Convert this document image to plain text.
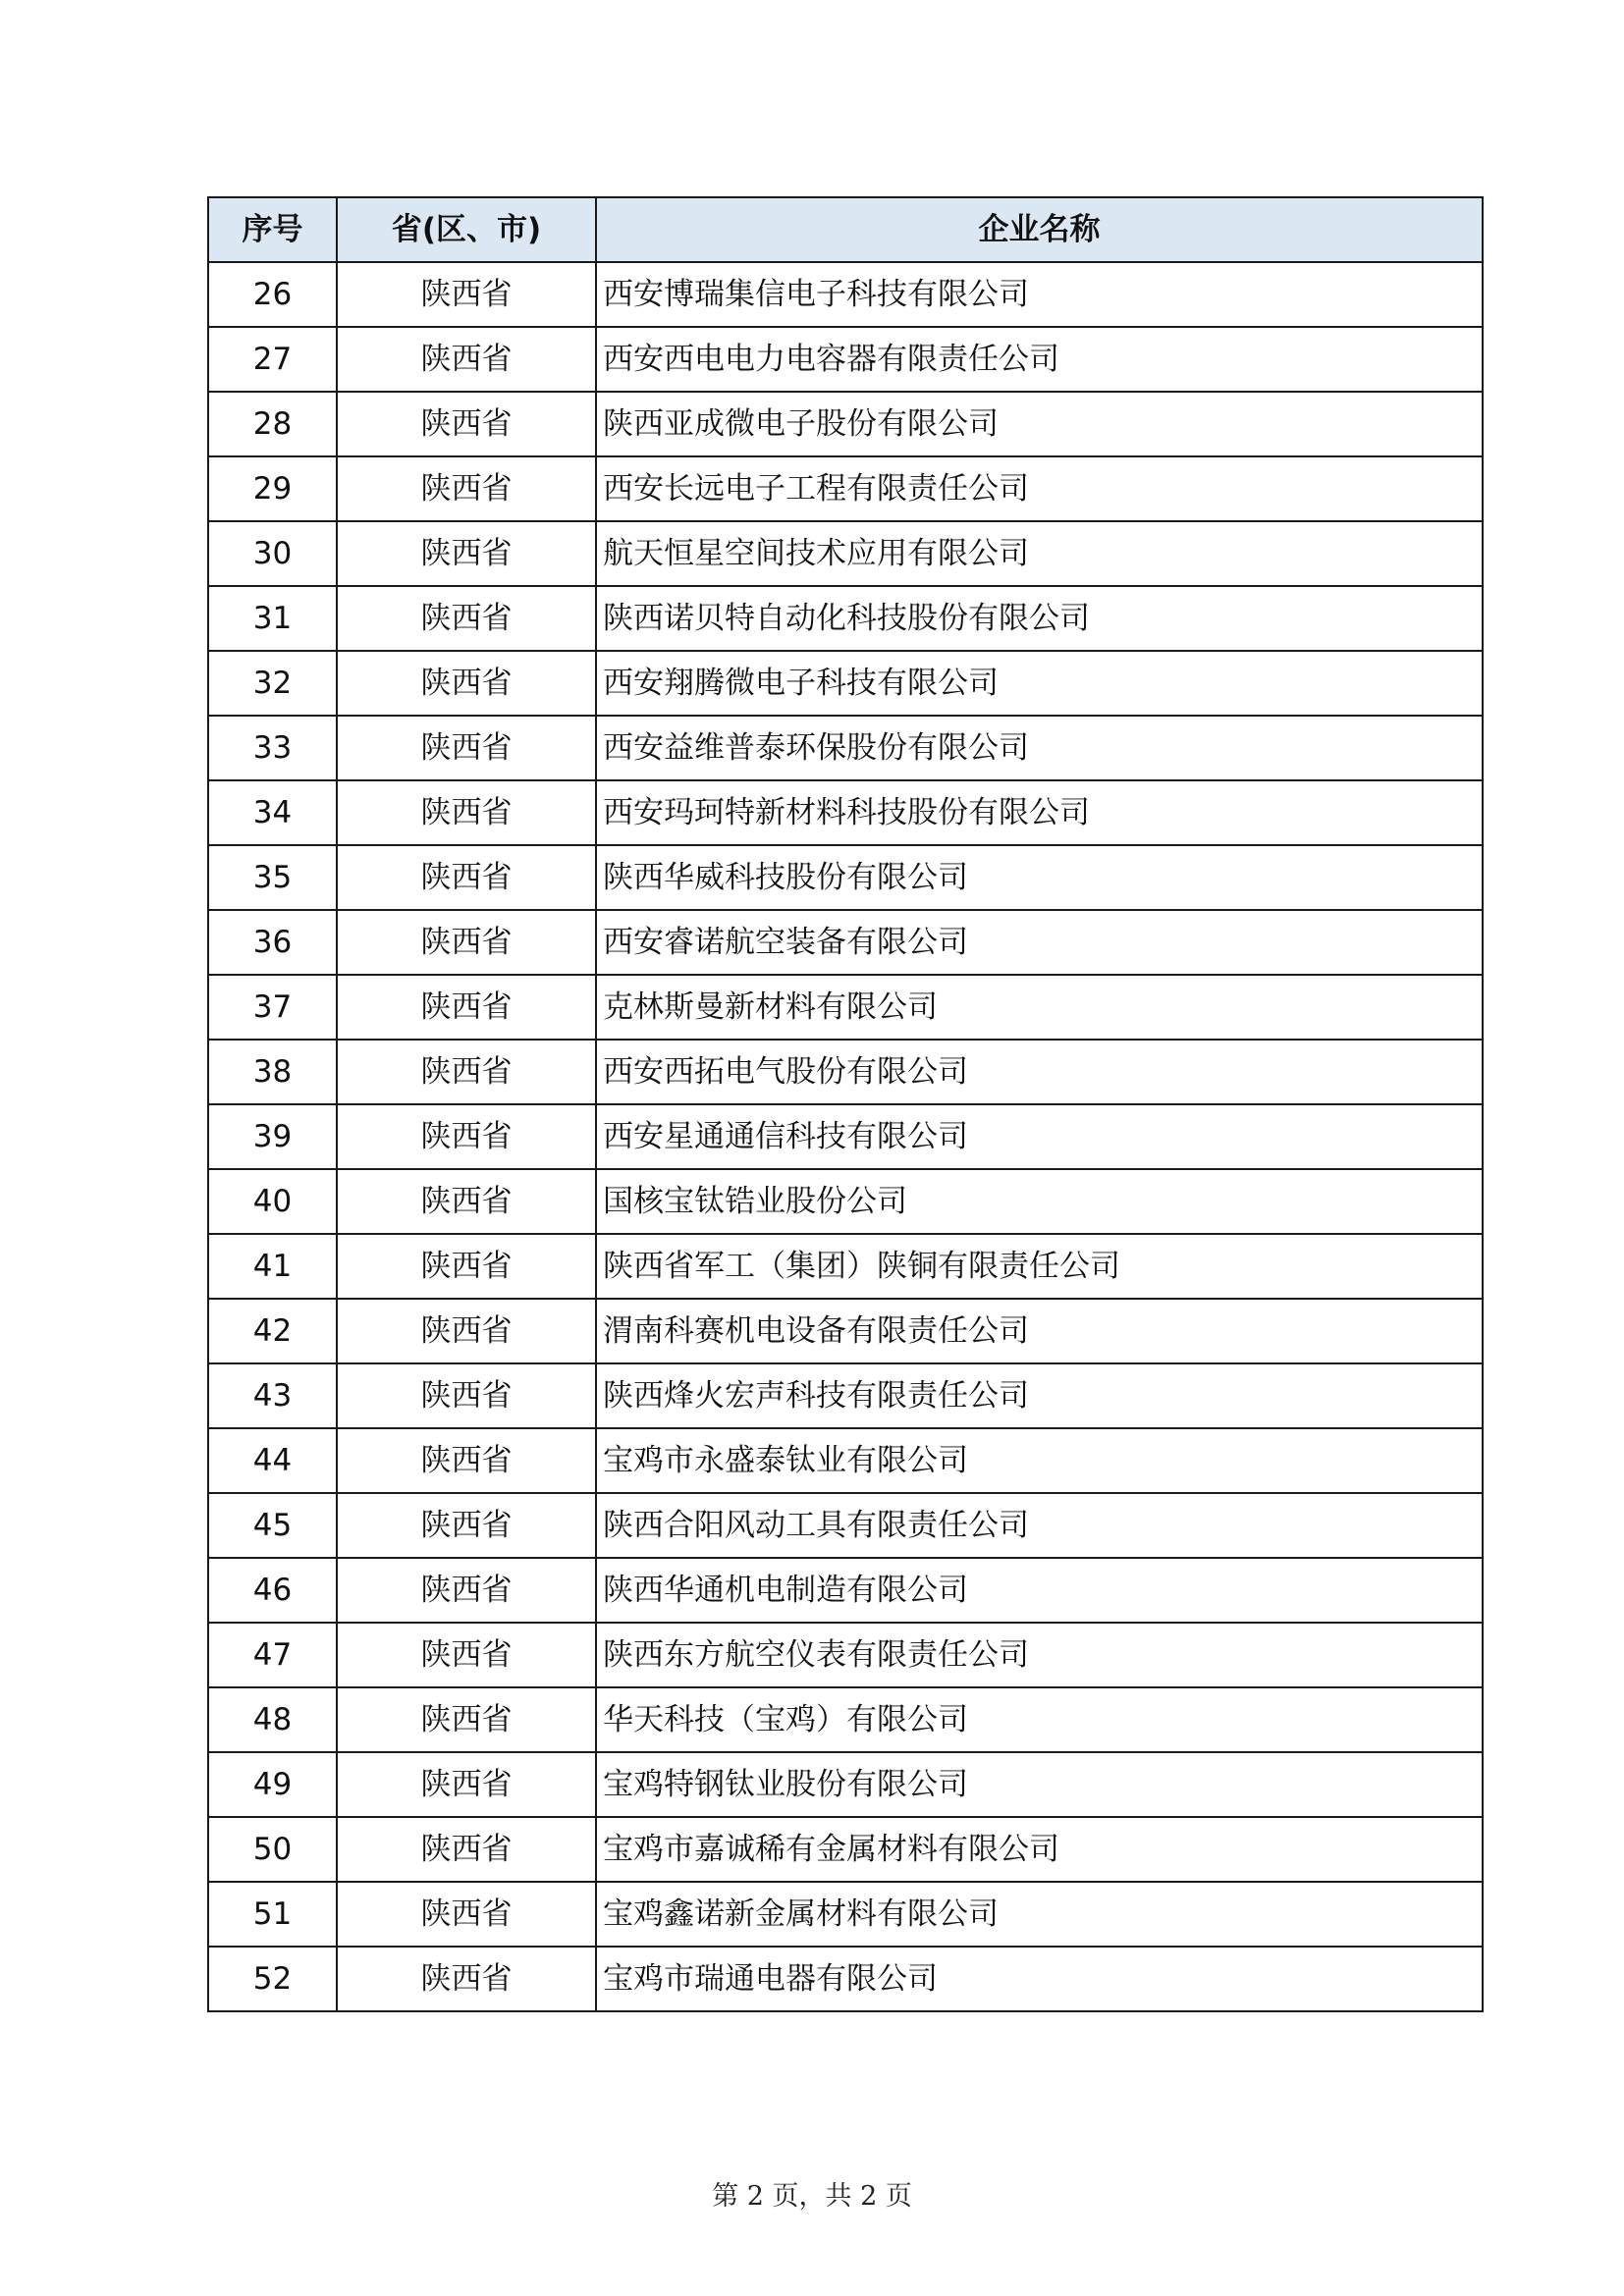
序号	省(区、市)	企业名称
26	陕西省	西安博瑞集信电子科技有限公司
27	陕西省	西安西电电力电容器有限责任公司
28	陕西省	陕西亚成微电子股份有限公司
29	陕西省	西安长远电子工程有限责任公司
30	陕西省	航天恒星空间技术应用有限公司
31	陕西省	陕西诺贝特自动化科技股份有限公司
32	陕西省	西安翔腾微电子科技有限公司
33	陕西省	西安益维普泰环保股份有限公司
34	陕西省	西安玛珂特新材料科技股份有限公司
35	陕西省	陕西华威科技股份有限公司
36	陕西省	西安睿诺航空装备有限公司
37	陕西省	克林斯曼新材料有限公司
38	陕西省	西安西拓电气股份有限公司
39	陕西省	西安星通通信科技有限公司
40	陕西省	国核宝钛锆业股份公司
41	陕西省	陕西省军工（集团）陕铜有限责任公司
42	陕西省	渭南科赛机电设备有限责任公司
43	陕西省	陕西烽火宏声科技有限责任公司
44	陕西省	宝鸡市永盛泰钛业有限公司
45	陕西省	陕西合阳风动工具有限责任公司
46	陕西省	陕西华通机电制造有限公司
47	陕西省	陕西东方航空仪表有限责任公司
48	陕西省	华天科技（宝鸡）有限公司
49	陕西省	宝鸡特钢钛业股份有限公司
50	陕西省	宝鸡市嘉诚稀有金属材料有限公司
51	陕西省	宝鸡鑫诺新金属材料有限公司
52	陕西省	宝鸡市瑞通电器有限公司
第 2 页，共 2 页
